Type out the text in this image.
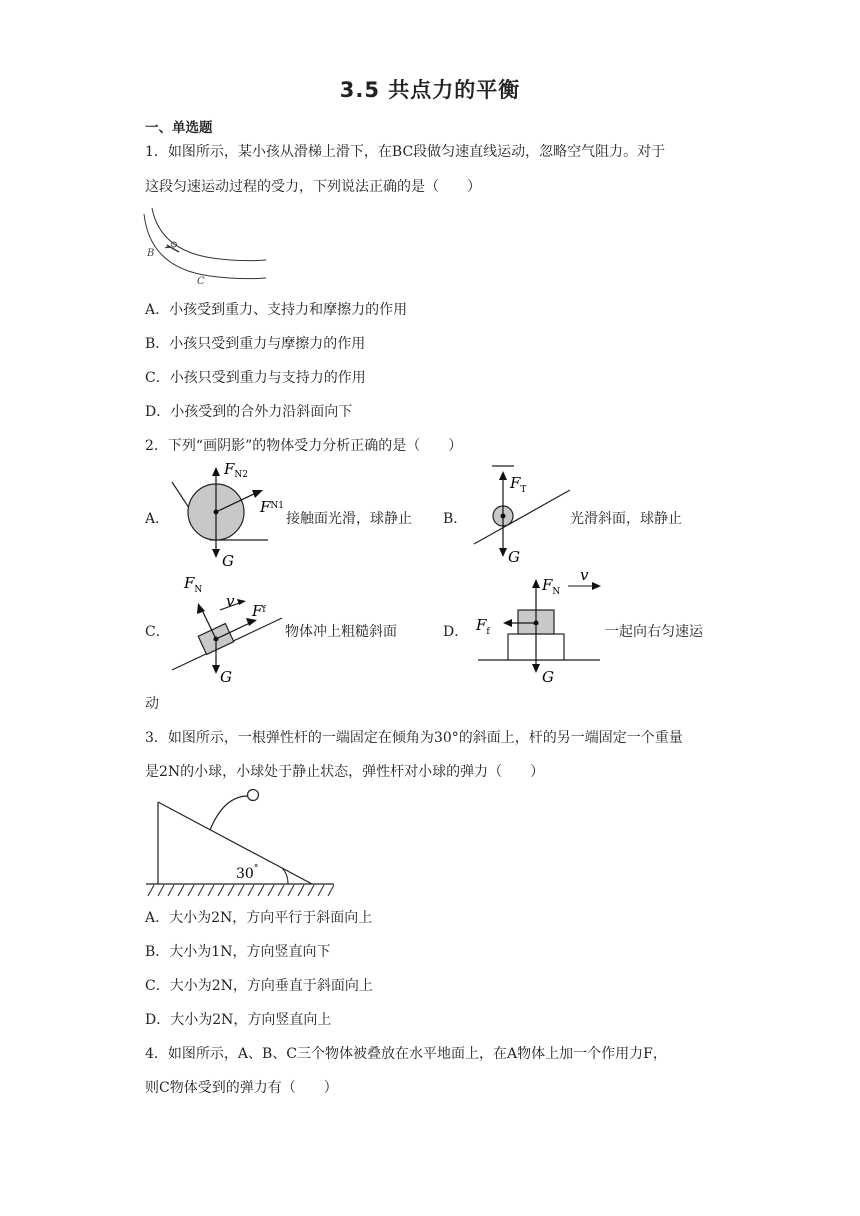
3.5 共点力的平衡
一、单选题
1．如图所示，某小孩从滑梯上滑下，在BC段做匀速直线运动，忽略空气阻力。对于
这段匀速运动过程的受力，下列说法正确的是（　　）
B
C
A．小孩受到重力、支持力和摩擦力的作用
B．小孩只受到重力与摩擦力的作用
C．小孩只受到重力与支持力的作用
D．小孩受到的合外力沿斜面向下
2．下列“画阴影”的物体受力分析正确的是（　　）
A．
$F_{N2}$
$F^{N1}$
G
接触面光滑，球静止 B．
$F_T$
G
光滑斜面，球静止
C．
$F_N$
v
$F^f$
G
物体冲上粗糙斜面	D．
$F_N$
v
$F_f$
G
一起向右匀速运
动
3．如图所示，一根弹性杆的一端固定在倾角为30°的斜面上，杆的另一端固定一个重量
是2N的小球，小球处于静止状态，弹性杆对小球的弹力（　　）
30°
A．大小为2N，方向平行于斜面向上
B．大小为1N，方向竖直向下
C．大小为2N，方向垂直于斜面向上
D．大小为2N，方向竖直向上
4．如图所示，A、B、C三个物体被叠放在水平地面上，在A物体上加一个作用力F，
则C物体受到的弹力有（　　）
